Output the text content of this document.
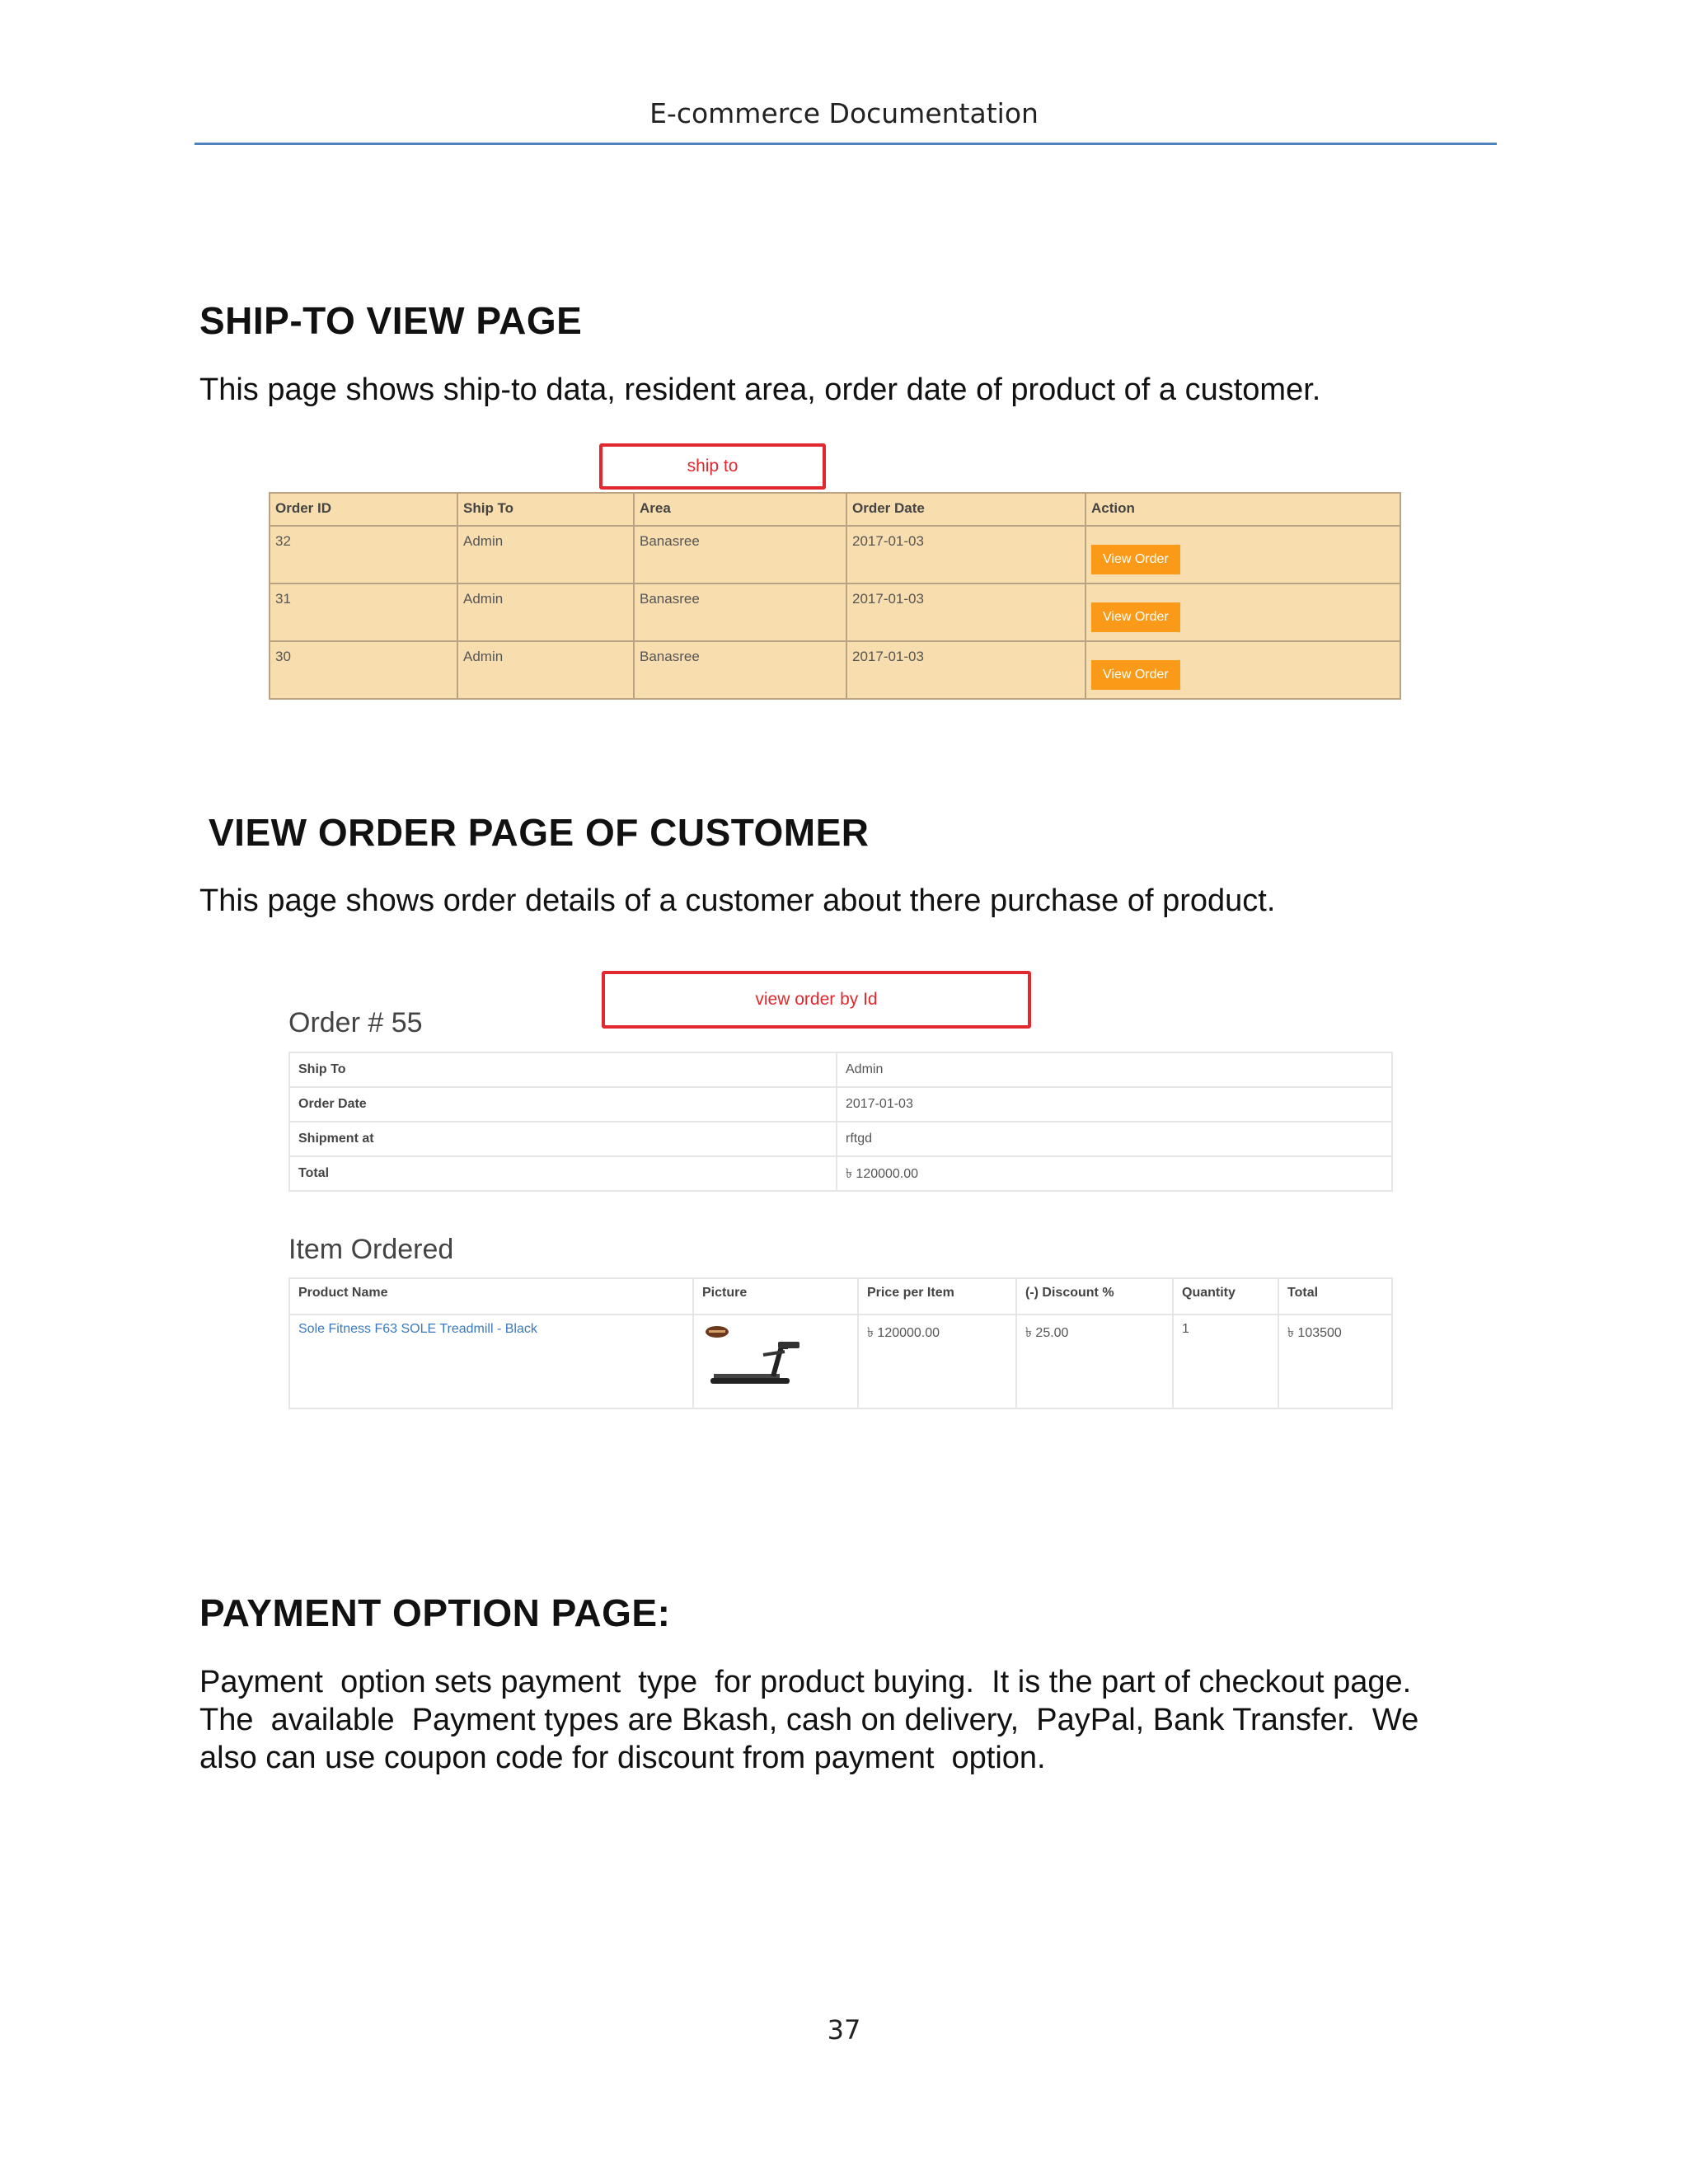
E-commerce Documentation
SHIP-TO VIEW PAGE
This page shows ship-to data, resident area, order date of product of a customer.
ship to
Order ID	Ship To	Area	Order Date	Action
32	Admin	Banasree	2017-01-03	View Order
31	Admin	Banasree	2017-01-03	View Order
30	Admin	Banasree	2017-01-03	View Order
VIEW ORDER PAGE OF CUSTOMER
This page shows order details of a customer about there purchase of product.
view order by Id
Order # 55
Ship To	Admin
Order Date	2017-01-03
Shipment at	rftgd
Total	৳ 120000.00
Item Ordered
Product Name	Picture	Price per Item	(-) Discount %	Quantity	Total
Sole Fitness F63 SOLE Treadmill - Black		৳ 120000.00	৳ 25.00	1	৳ 103500
PAYMENT OPTION PAGE:
Payment  option sets payment  type  for product buying.  It is the part of checkout page.
The  available  Payment types are Bkash, cash on delivery,  PayPal, Bank Transfer.  We
also can use coupon code for discount from payment  option.
37
